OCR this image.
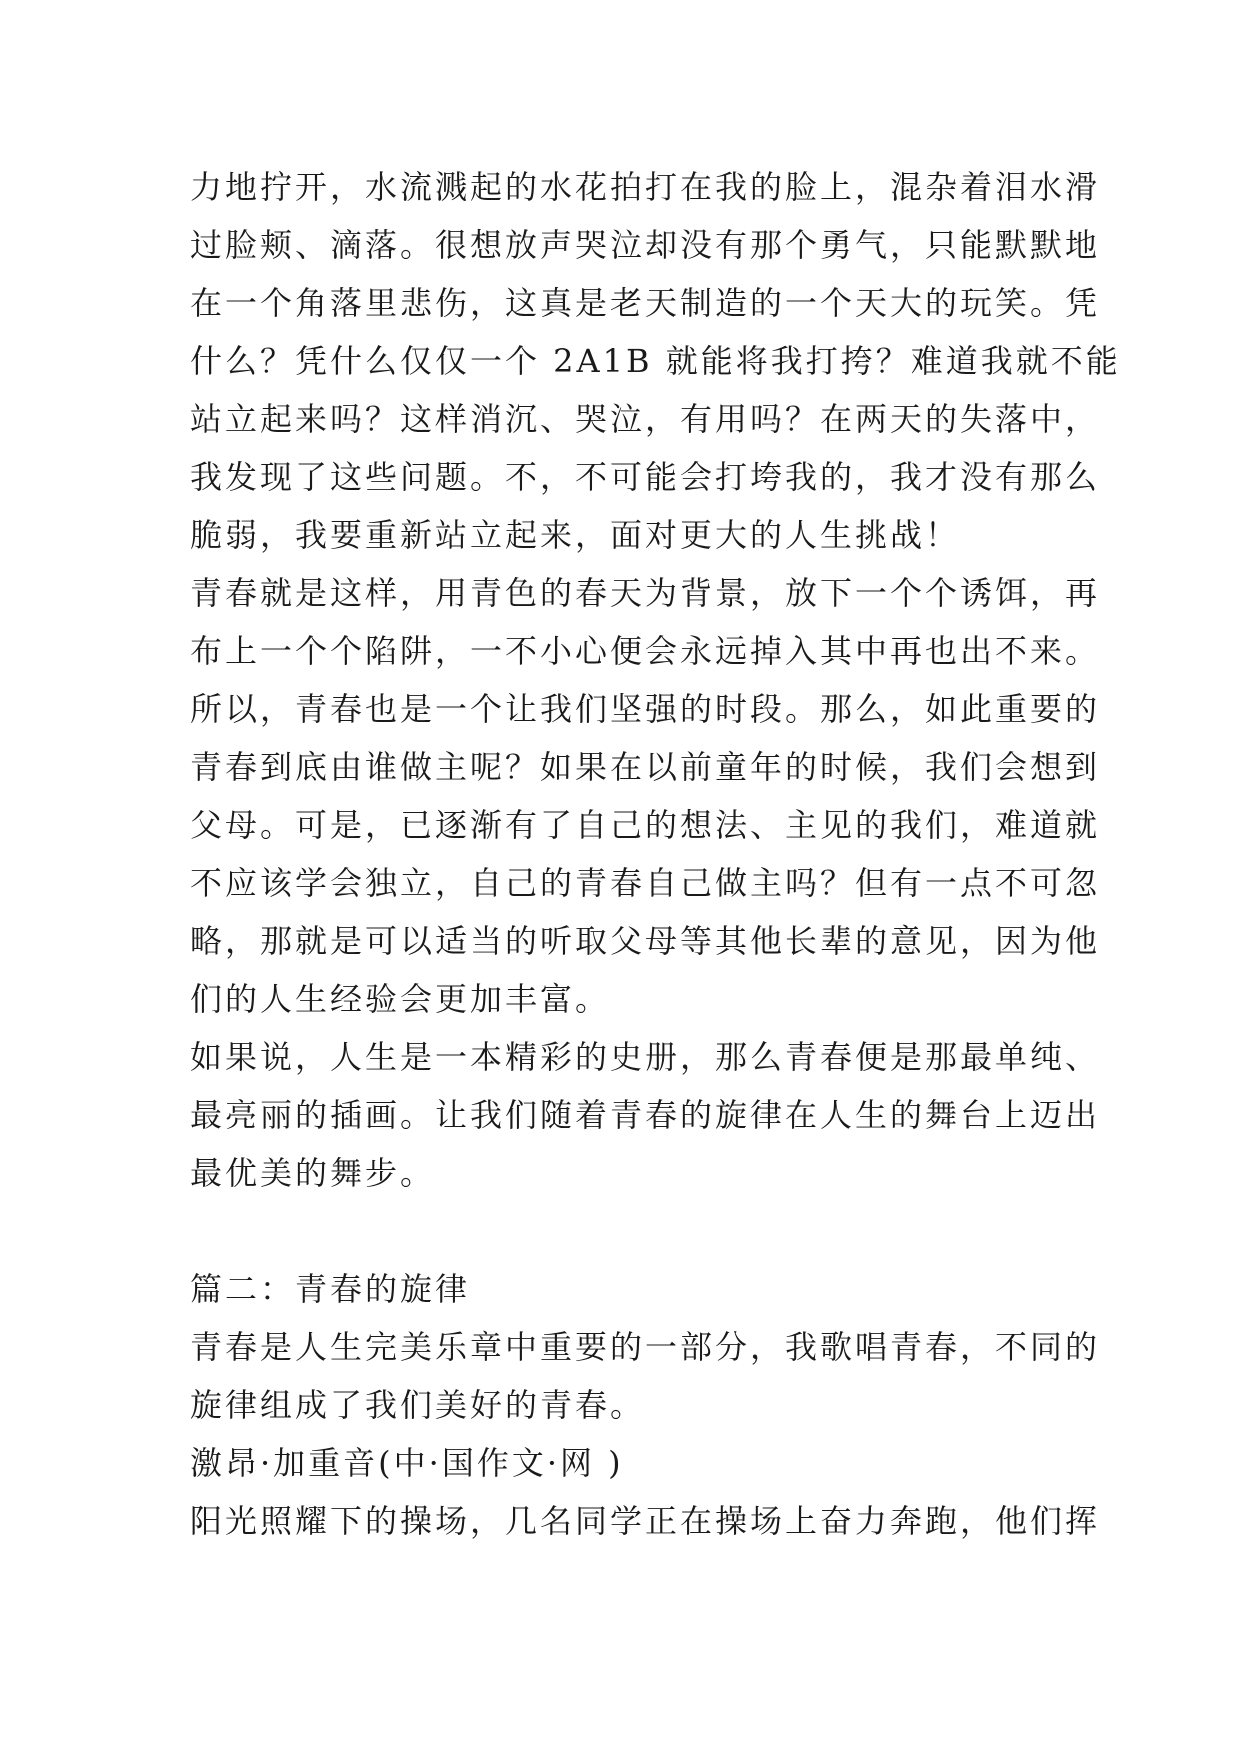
力地拧开，水流溅起的水花拍打在我的脸上，混杂着泪水滑
过脸颊、滴落。很想放声哭泣却没有那个勇气，只能默默地
在一个角落里悲伤，这真是老天制造的一个天大的玩笑。凭
什么？凭什么仅仅一个 2A1B 就能将我打挎？难道我就不能
站立起来吗？这样消沉、哭泣，有用吗？在两天的失落中，
我发现了这些问题。不，不可能会打垮我的，我才没有那么
脆弱，我要重新站立起来，面对更大的人生挑战！
青春就是这样，用青色的春天为背景，放下一个个诱饵，再
布上一个个陷阱，一不小心便会永远掉入其中再也出不来。
所以，青春也是一个让我们坚强的时段。那么，如此重要的
青春到底由谁做主呢？如果在以前童年的时候，我们会想到
父母。可是，已逐渐有了自己的想法、主见的我们，难道就
不应该学会独立，自己的青春自己做主吗？但有一点不可忽
略，那就是可以适当的听取父母等其他长辈的意见，因为他
们的人生经验会更加丰富。
如果说，人生是一本精彩的史册，那么青春便是那最单纯、
最亮丽的插画。让我们随着青春的旋律在人生的舞台上迈出
最优美的舞步。
篇二：青春的旋律
青春是人生完美乐章中重要的一部分，我歌唱青春，不同的
旋律组成了我们美好的青春。
激昂·加重音(中·国作文·网 )
阳光照耀下的操场，几名同学正在操场上奋力奔跑，他们挥
